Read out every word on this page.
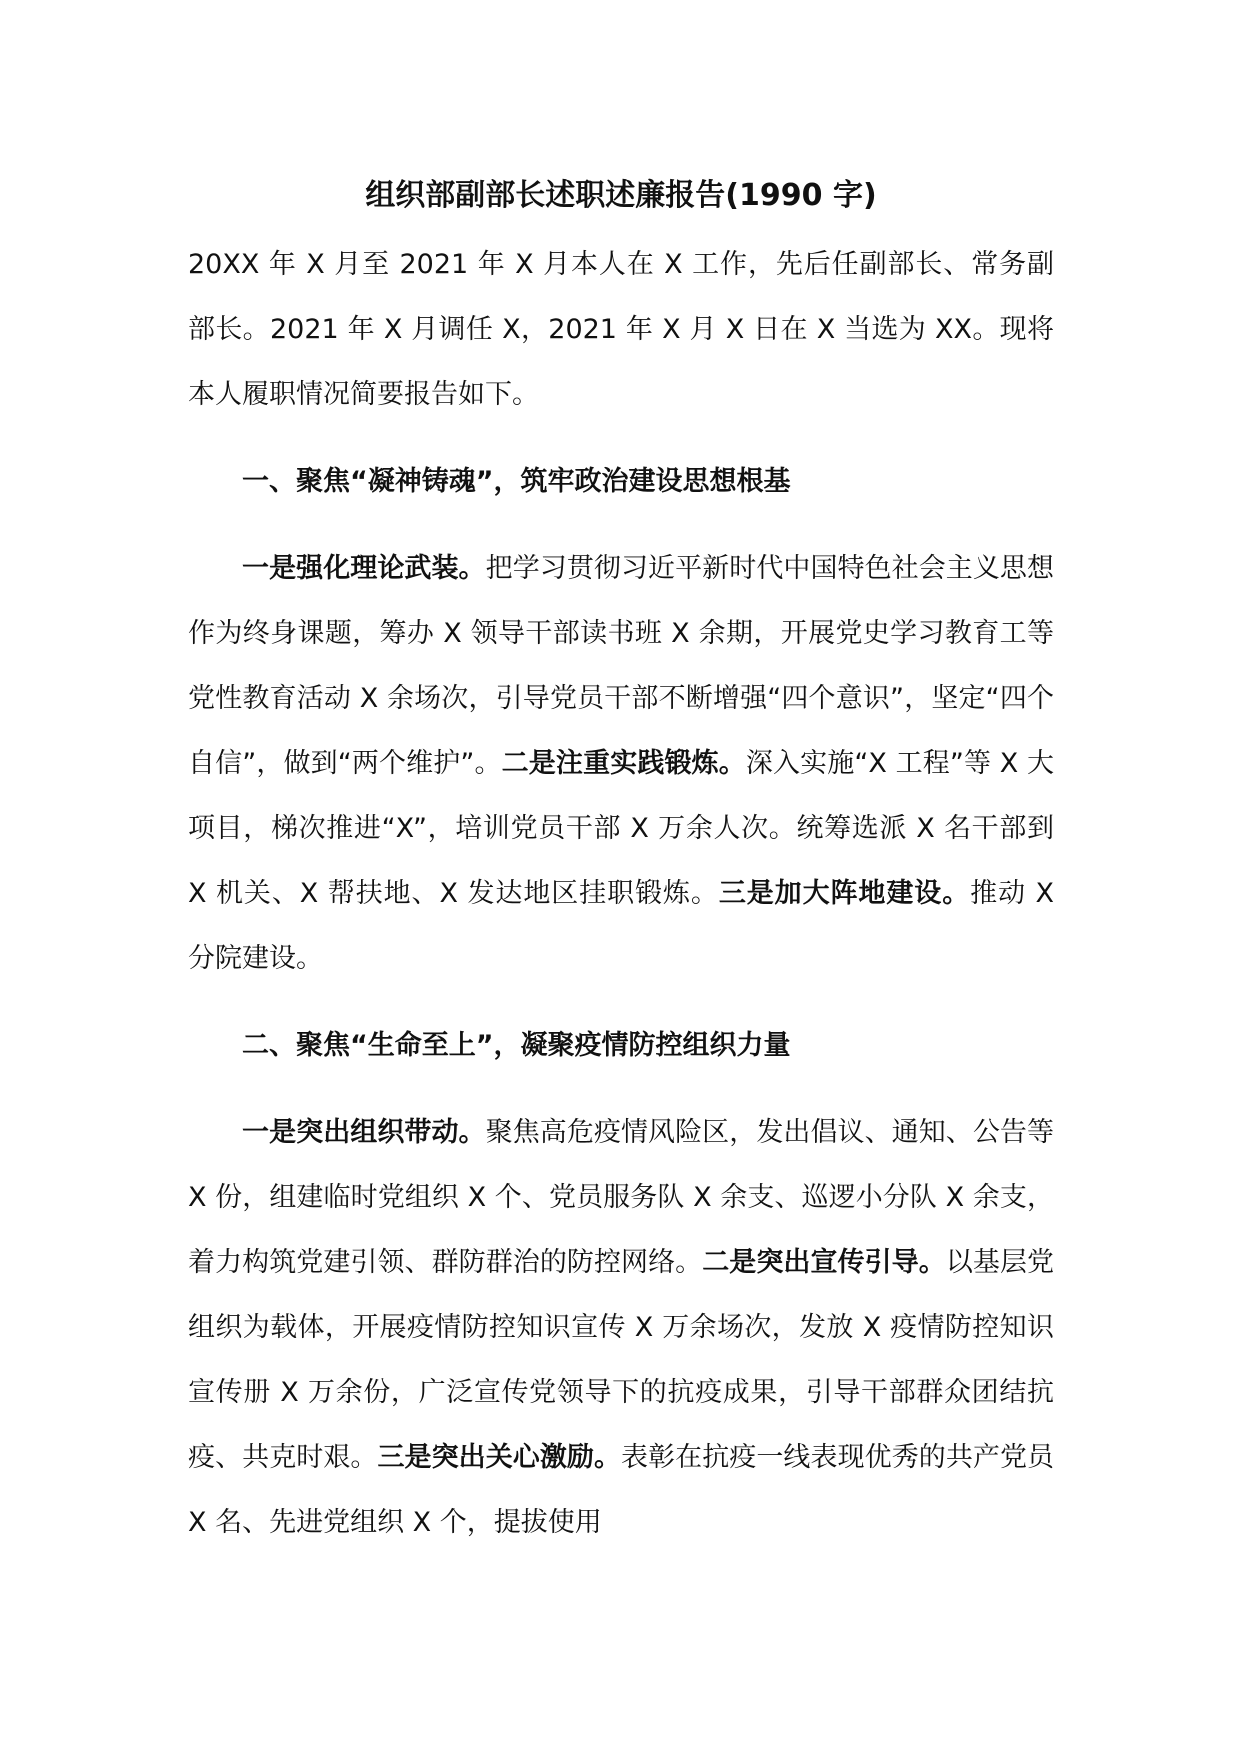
组织部副部长述职述廉报告(1990 字)

20XX 年 X 月至 2021 年 X 月本人在 X 工作，先后任副部长、常务副部长。2021 年 X 月调任 X，2021 年 X 月 X 日在 X 当选为 XX。现将本人履职情况简要报告如下。

一、聚焦“凝神铸魂”，筑牢政治建设思想根基

一是强化理论武装。把学习贯彻习近平新时代中国特色社会主义思想作为终身课题，筹办 X 领导干部读书班 X 余期，开展党史学习教育工等党性教育活动 X 余场次，引导党员干部不断增强“四个意识”，坚定“四个自信”，做到“两个维护”。二是注重实践锻炼。深入实施“X 工程”等 X 大项目，梯次推进“X”，培训党员干部 X 万余人次。统筹选派 X 名干部到 X 机关、X 帮扶地、X 发达地区挂职锻炼。三是加大阵地建设。推动 X 分院建设。

二、聚焦“生命至上”，凝聚疫情防控组织力量

一是突出组织带动。聚焦高危疫情风险区，发出倡议、通知、公告等 X 份，组建临时党组织 X 个、党员服务队 X 余支、巡逻小分队 X 余支，着力构筑党建引领、群防群治的防控网络。二是突出宣传引导。以基层党组织为载体，开展疫情防控知识宣传 X 万余场次，发放 X 疫情防控知识宣传册 X 万余份，广泛宣传党领导下的抗疫成果，引导干部群众团结抗疫、共克时艰。三是突出关心激励。表彰在抗疫一线表现优秀的共产党员 X 名、先进党组织 X 个，提拔使用
